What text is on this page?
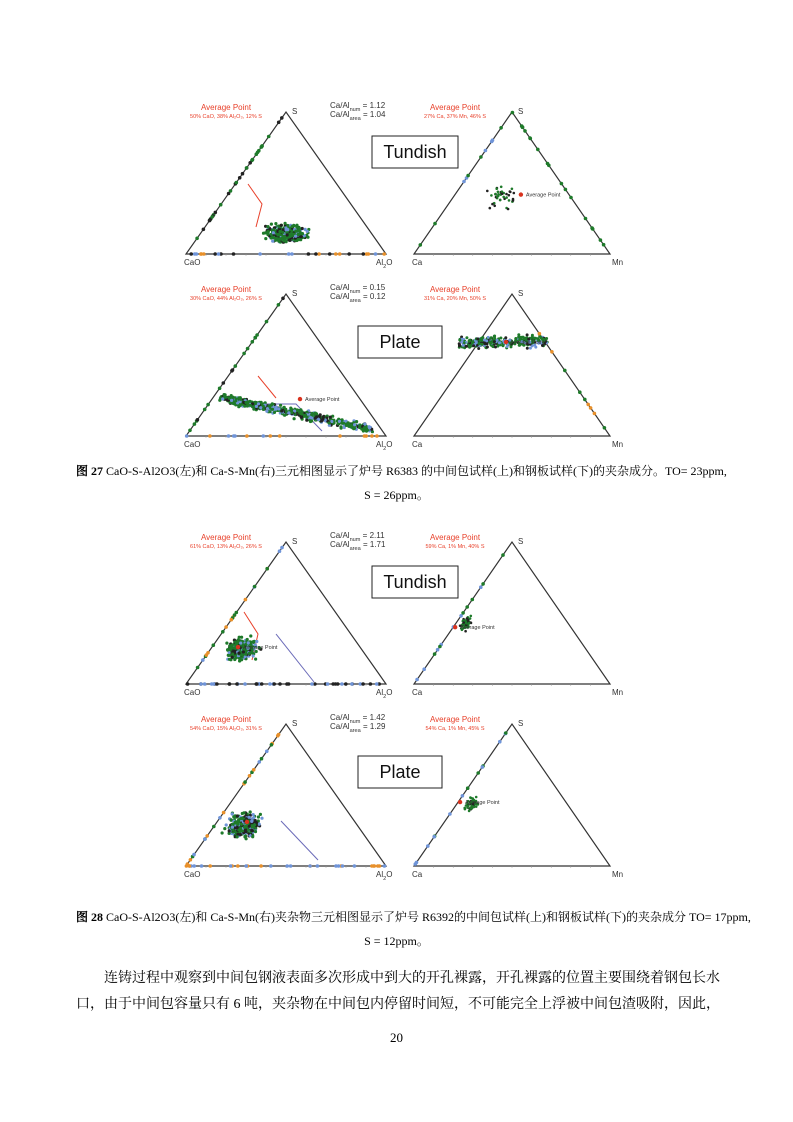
S
CaO	$Al_2O$
Average Point
50% CaO, 38% Al₂O₃, 12% S
$Ca/Al_{num} = 1.12$
$Ca/Al_{area} = 1.04$	S
Ca	Mn
Average Point
27% Ca, 37% Mn, 46% S
Average Point
Tundish
S
CaO	$Al_2O$
Average Point
30% CaO, 44% Al₂O₃, 26% S
$Ca/Al_{num} = 0.15$
$Ca/Al_{area} = 0.12$
Average Point
S
Ca	Mn
Average Point
31% Ca, 20% Mn, 50% S
Average Point
Plate
图 27 CaO-S-Al2O3(左)和 Ca-S-Mn(右)三元相图显示了炉号 R6383 的中间包试样(上)和钢板试样(下)的夹杂成分。TO= 23ppm,
S = 26ppm。
S
CaO	$Al_2O$
Average Point
61% CaO, 13% Al₂O₃, 26% S
$Ca/Al_{num} = 2.11$
$Ca/Al_{area} = 1.71$
Average Point
S
Ca	Mn
Average Point
59% Ca, 1% Mn, 40% S
Average Point
Tundish
S
CaO	$Al_2O$
Average Point
54% CaO, 15% Al₂O₃, 31% S
$Ca/Al_{num} = 1.42$
$Ca/Al_{area} = 1.29$	S
Ca	Mn
Average Point
54% Ca, 1% Mn, 45% S
Average Point
Plate
图 28 CaO-S-Al2O3(左)和 Ca-S-Mn(右)夹杂物三元相图显示了炉号 R6392的中间包试样(上)和钢板试样(下)的夹杂成分 TO= 17ppm,
S = 12ppm。
连铸过程中观察到中间包钢液表面多次形成中到大的开孔裸露，开孔裸露的位置主要围绕着钢包长水
口，由于中间包容量只有 6 吨，夹杂物在中间包内停留时间短，不可能完全上浮被中间包渣吸附，因此，
20
